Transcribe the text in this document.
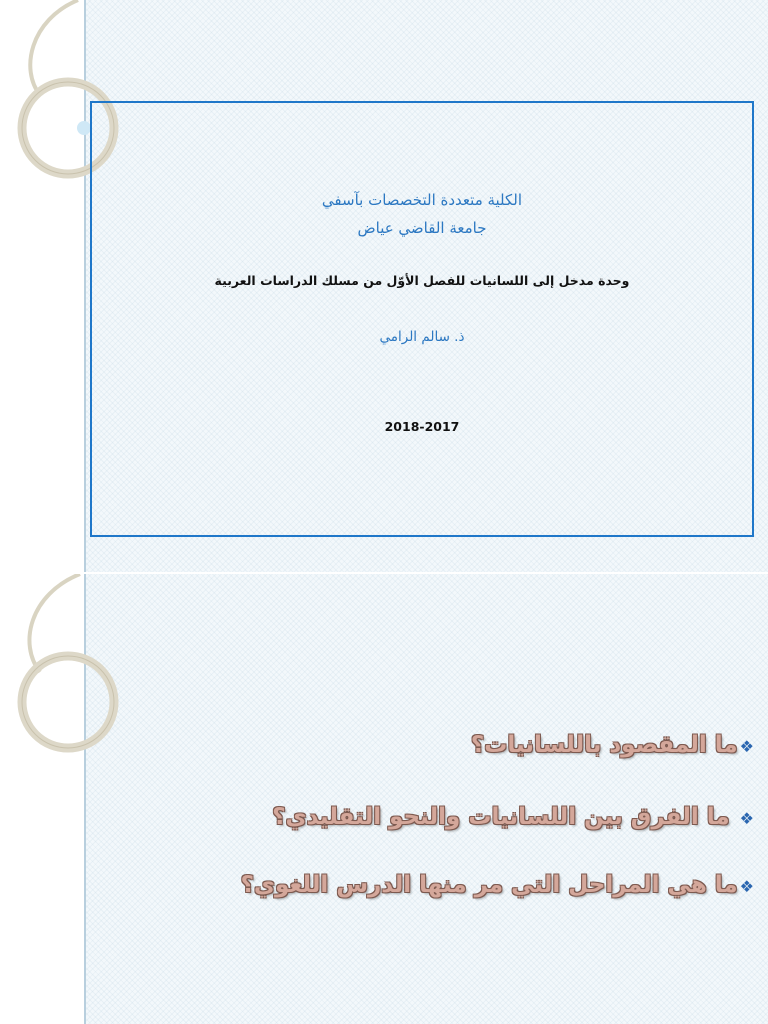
الكلية متعددة التخصصات بآسفي
جامعة القاضي عياض
وحدة مدخل إلى اللسانيات للفصل الأوّل من مسلك الدراسات العربية
ذ. سالم الرامي
2018-2017
❖ما المقصود باللسانيات؟
❖ ما الفرق بين اللسانيات والنحو التقليدي؟
❖ما هي المراحل التي مر منها الدرس اللغوي؟
